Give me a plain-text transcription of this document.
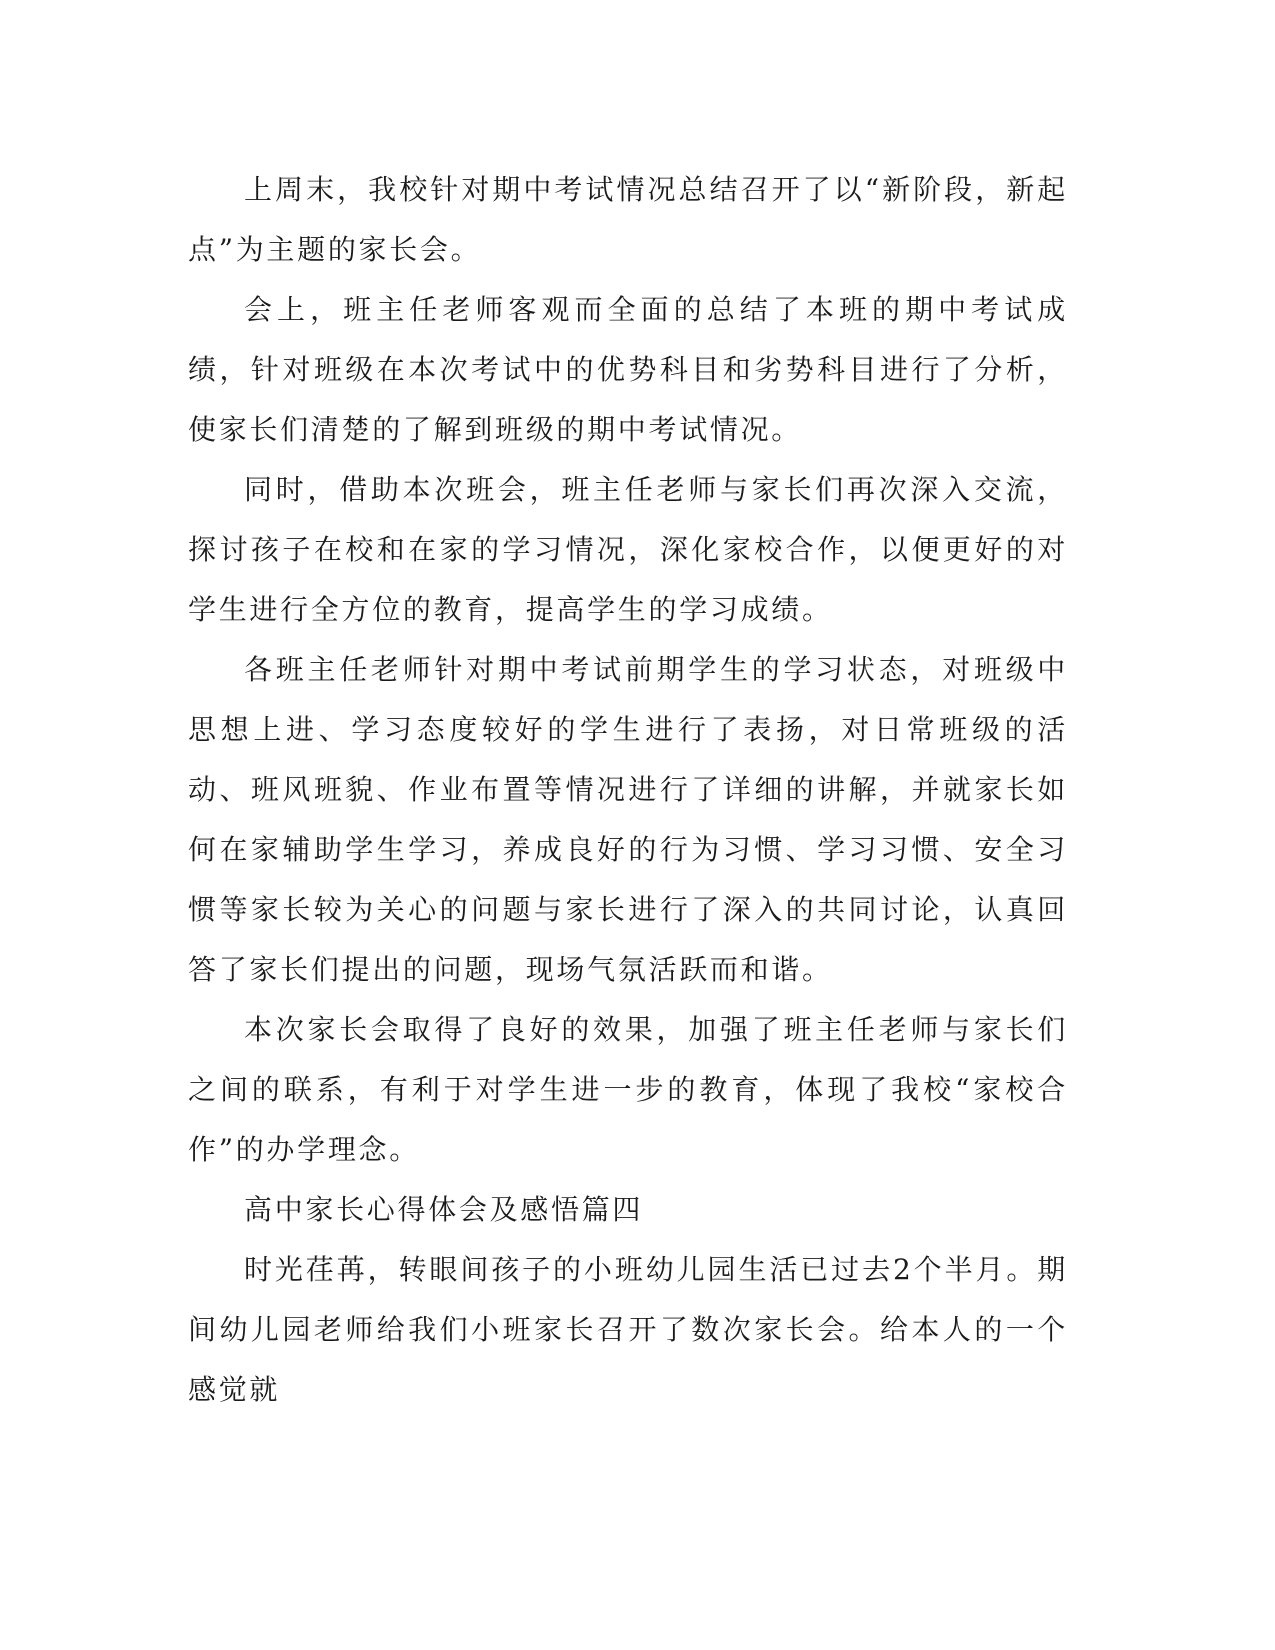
上周末，我校针对期中考试情况总结召开了以“新阶段，新起点”为主题的家长会。

会上，班主任老师客观而全面的总结了本班的期中考试成绩，针对班级在本次考试中的优势科目和劣势科目进行了分析，使家长们清楚的了解到班级的期中考试情况。

同时，借助本次班会，班主任老师与家长们再次深入交流，探讨孩子在校和在家的学习情况，深化家校合作，以便更好的对学生进行全方位的教育，提高学生的学习成绩。

各班主任老师针对期中考试前期学生的学习状态，对班级中思想上进、学习态度较好的学生进行了表扬，对日常班级的活动、班风班貌、作业布置等情况进行了详细的讲解，并就家长如何在家辅助学生学习，养成良好的行为习惯、学习习惯、安全习惯等家长较为关心的问题与家长进行了深入的共同讨论，认真回答了家长们提出的问题，现场气氛活跃而和谐。

本次家长会取得了良好的效果，加强了班主任老师与家长们之间的联系，有利于对学生进一步的教育，体现了我校“家校合作”的办学理念。

高中家长心得体会及感悟篇四

时光荏苒，转眼间孩子的小班幼儿园生活已过去2个半月。期间幼儿园老师给我们小班家长召开了数次家长会。给本人的一个感觉就
